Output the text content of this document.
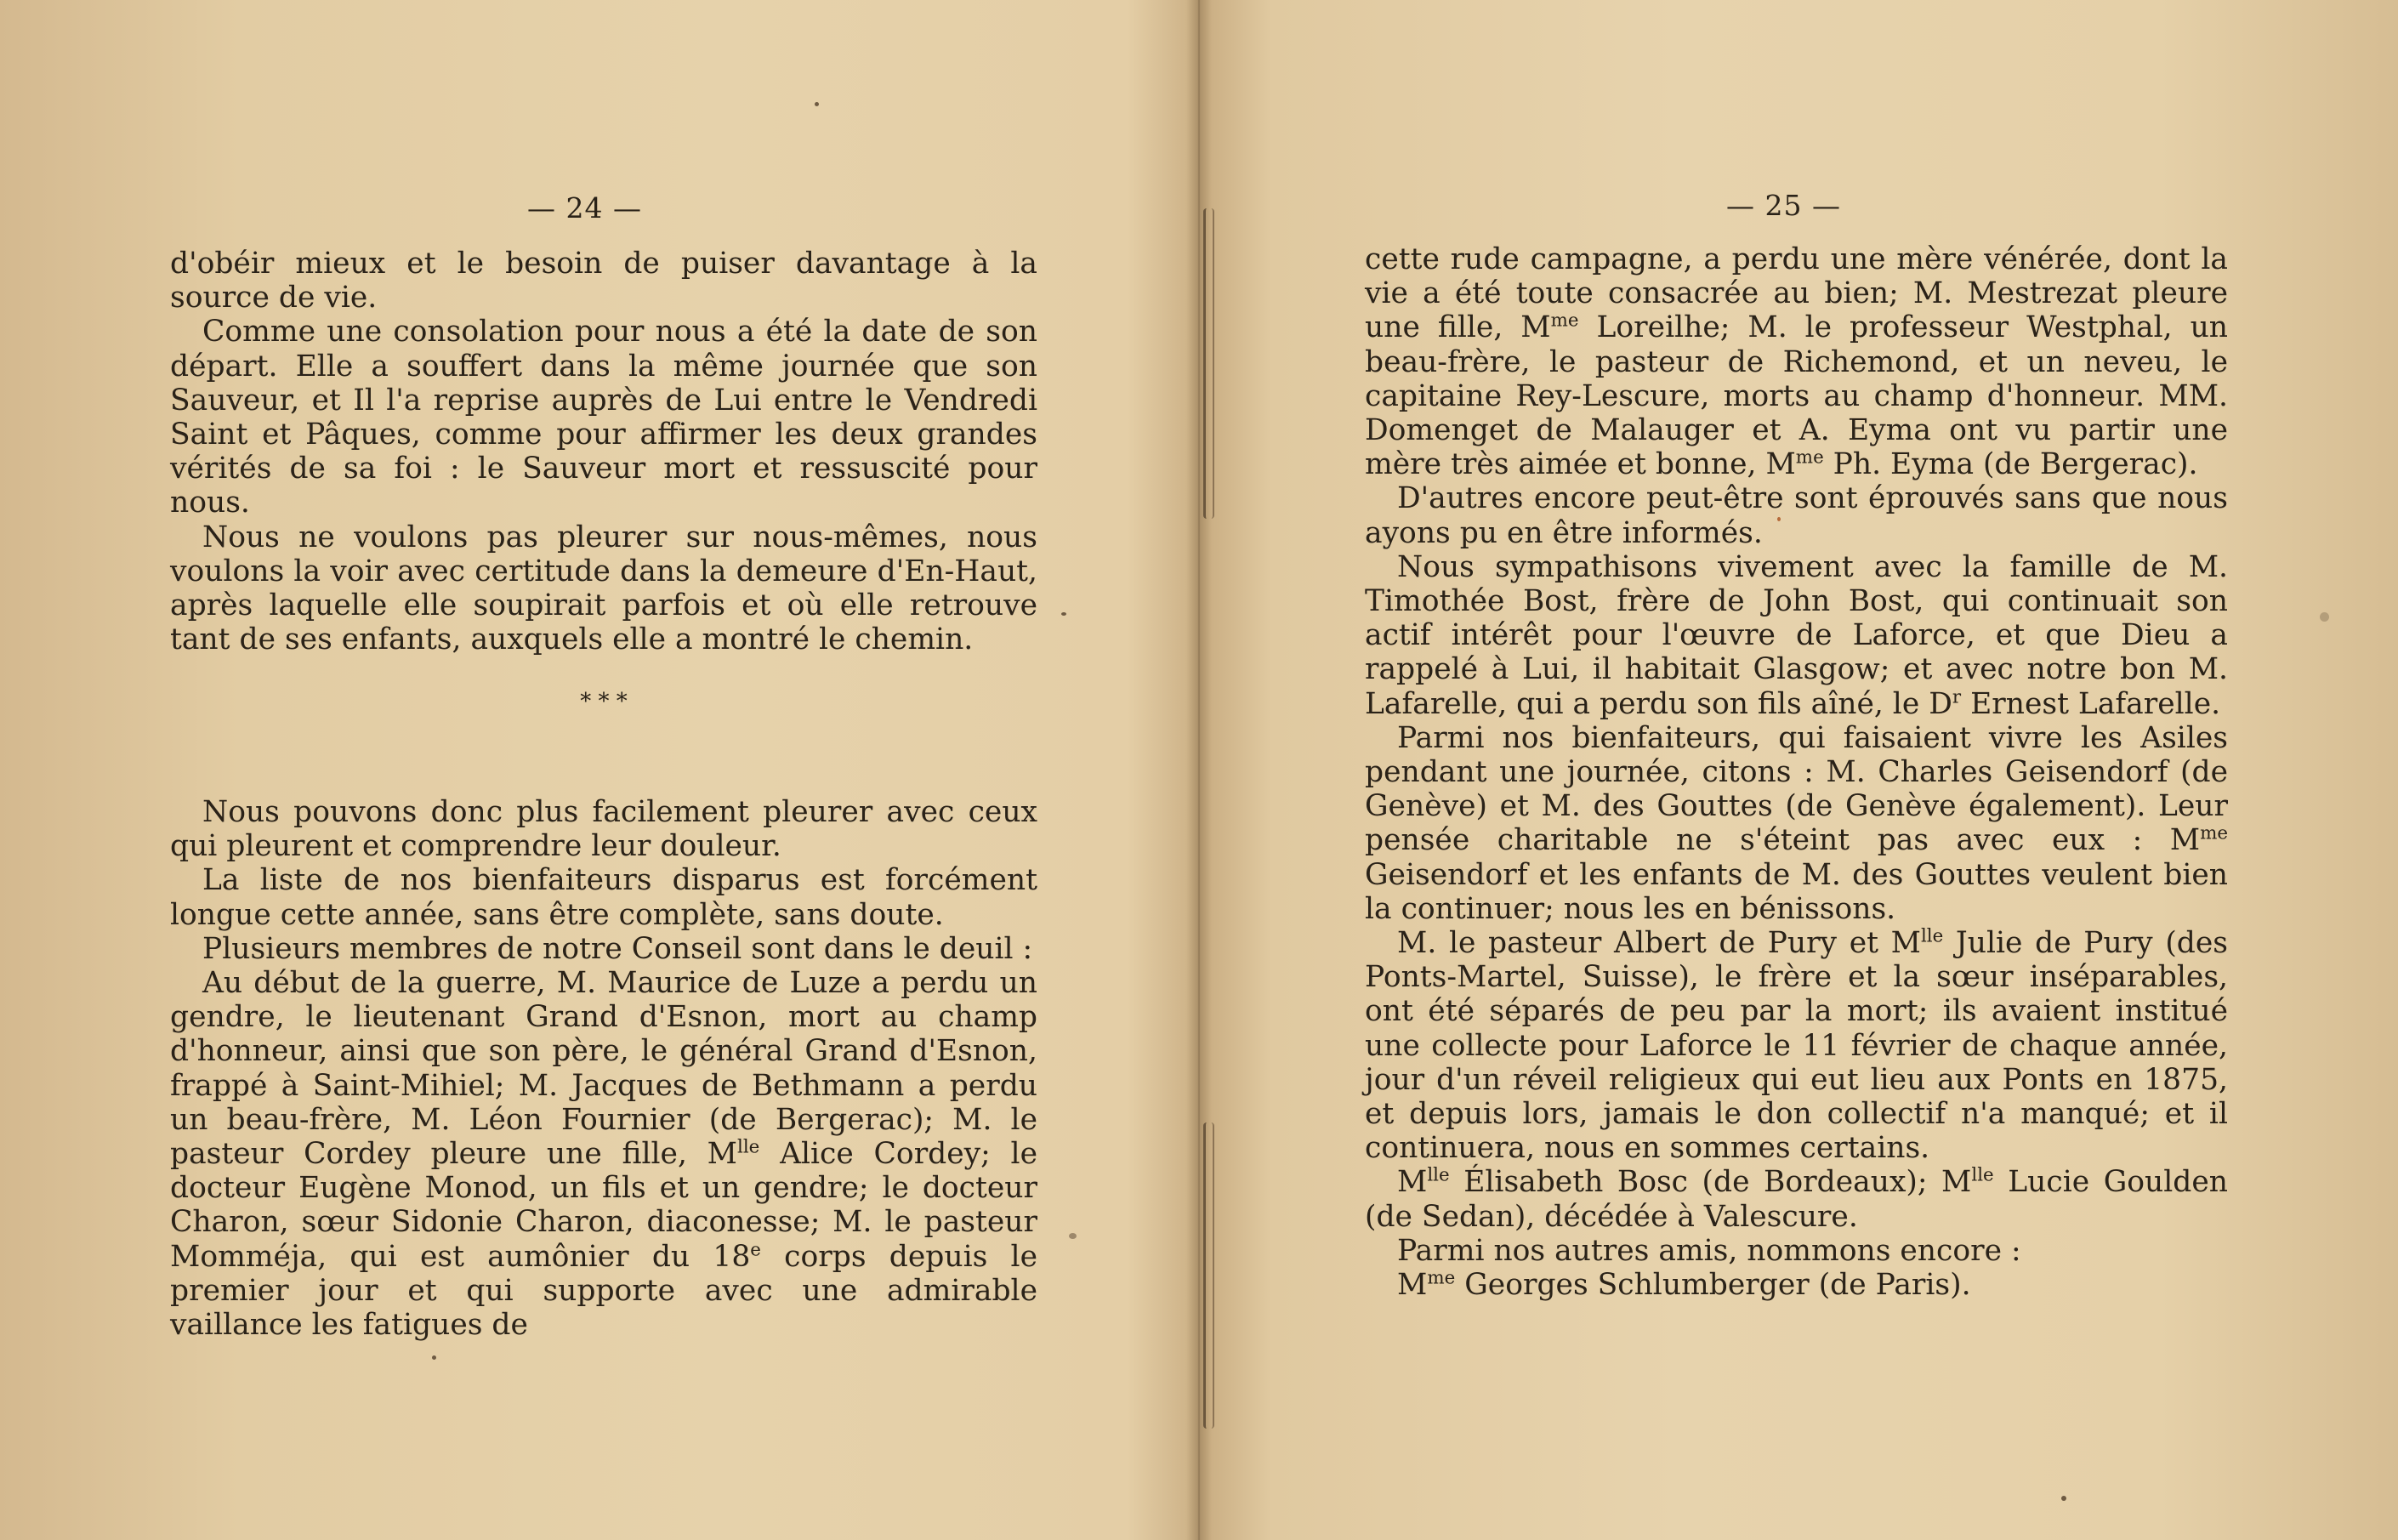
— 24 —

d'obéir mieux et le besoin de puiser davantage à la source de vie.

Comme une consolation pour nous a été la date de son départ. Elle a souffert dans la même journée que son Sauveur, et Il l'a reprise auprès de Lui entre le Vendredi Saint et Pâques, comme pour affirmer les deux grandes vérités de sa foi : le Sauveur mort et ressuscité pour nous.

Nous ne voulons pas pleurer sur nous-mêmes, nous voulons la voir avec certitude dans la demeure d'En-Haut, après laquelle elle soupirait parfois et où elle retrouve tant de ses enfants, auxquels elle a montré le chemin.

* * *

Nous pouvons donc plus facilement pleurer avec ceux qui pleurent et comprendre leur douleur.

La liste de nos bienfaiteurs disparus est forcément longue cette année, sans être complète, sans doute.

Plusieurs membres de notre Conseil sont dans le deuil :

Au début de la guerre, M. Maurice de Luze a perdu un gendre, le lieutenant Grand d'Esnon, mort au champ d'honneur, ainsi que son père, le général Grand d'Esnon, frappé à Saint-Mihiel; M. Jacques de Bethmann a perdu un beau-frère, M. Léon Fournier (de Bergerac); M. le pasteur Cordey pleure une fille, $M^{lle}$ Alice Cordey; le docteur Eugène Monod, un fils et un gendre; le docteur Charon, sœur Sidonie Charon, diaconesse; M. le pasteur Momméja, qui est aumônier du 18e corps depuis le premier jour et qui supporte avec une admirable vaillance les fatigues de

— 25 —

cette rude campagne, a perdu une mère vénérée, dont la vie a été toute consacrée au bien; M. Mestrezat pleure une fille, $M^{me}$ Loreilhe; M. le professeur Westphal, un beau-frère, le pasteur de Richemond, et un neveu, le capitaine Rey-Lescure, morts au champ d'honneur. MM. Domenget de Malauger et A. Eyma ont vu partir une mère très aimée et bonne, $M^{me}$ Ph. Eyma (de Bergerac).

D'autres encore peut-être sont éprouvés sans que nous ayons pu en être informés.

Nous sympathisons vivement avec la famille de M. Timothée Bost, frère de John Bost, qui continuait son actif intérêt pour l'œuvre de Laforce, et que Dieu a rappelé à Lui, il habitait Glasgow; et avec notre bon M. Lafarelle, qui a perdu son fils aîné, le $D^r$ Ernest Lafarelle.

Parmi nos bienfaiteurs, qui faisaient vivre les Asiles pendant une journée, citons : M. Charles Geisendorf (de Genève) et M. des Gouttes (de Genève également). Leur pensée charitable ne s'éteint pas avec eux : $M^{me}$ Geisendorf et les enfants de M. des Gouttes veulent bien la continuer; nous les en bénissons.

M. le pasteur Albert de Pury et $M^{lle}$ Julie de Pury (des Ponts-Martel, Suisse), le frère et la sœur inséparables, ont été séparés de peu par la mort; ils avaient institué une collecte pour Laforce le 11 février de chaque année, jour d'un réveil religieux qui eut lieu aux Ponts en 1875, et depuis lors, jamais le don collectif n'a manqué; et il continuera, nous en sommes certains.

$M^{lle}$ Élisabeth Bosc (de Bordeaux); $M^{lle}$ Lucie Goulden (de Sedan), décédée à Valescure.

Parmi nos autres amis, nommons encore :

$M^{me}$ Georges Schlumberger (de Paris).
